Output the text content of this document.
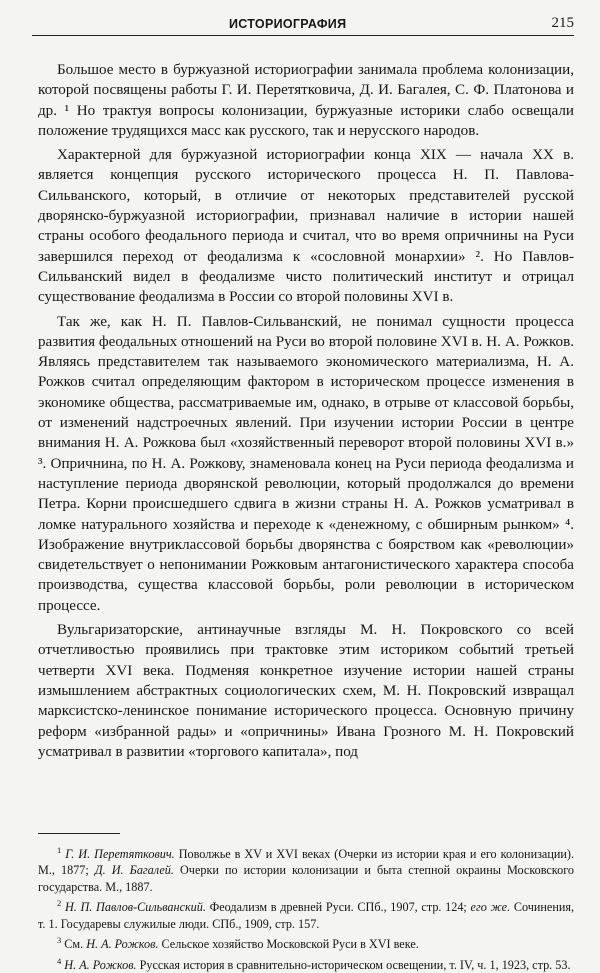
ИСТОРИОГРАФИЯ	215

Большое место в буржуазной историографии занимала проблема колонизации, которой посвящены работы Г. И. Перетятковича, Д. И. Багалея, С. Ф. Платонова и др. ¹ Но трактуя вопросы колонизации, буржуазные историки слабо освещали положение трудящихся масс как русского, так и нерусского народов.

Характерной для буржуазной историографии конца XIX — начала XX в. является концепция русского исторического процесса Н. П. Павлова-Сильванского, который, в отличие от некоторых представителей русской дворянско-буржуазной историографии, признавал наличие в истории нашей страны особого феодального периода и считал, что во время опричнины на Руси завершился переход от феодализма к «сословной монархии» ². Но Павлов-Сильванский видел в феодализме чисто политический институт и отрицал существование феодализма в России со второй половины XVI в.

Так же, как Н. П. Павлов-Сильванский, не понимал сущности процесса развития феодальных отношений на Руси во второй половине XVI в. Н. А. Рожков. Являясь представителем так называемого экономического материализма, Н. А. Рожков считал определяющим фактором в историческом процессе изменения в экономике общества, рассматриваемые им, однако, в отрыве от классовой борьбы, от изменений надстроечных явлений. При изучении истории России в центре внимания Н. А. Рожкова был «хозяйственный переворот второй половины XVI в.» ³. Опричнина, по Н. А. Рожкову, знаменовала конец на Руси периода феодализма и наступление периода дворянской революции, который продолжался до времени Петра. Корни происшедшего сдвига в жизни страны Н. А. Рожков усматривал в ломке натурального хозяйства и переходе к «денежному, с обширным рынком» ⁴. Изображение внутриклассовой борьбы дворянства с боярством как «революции» свидетельствует о непонимании Рожковым антагонистического характера способа производства, существа классовой борьбы, роли революции в историческом процессе.

Вульгаризаторские, антинаучные взгляды М. Н. Покровского со всей отчетливостью проявились при трактовке этим историком событий третьей четверти XVI века. Подменяя конкретное изучение истории нашей страны измышлением абстрактных социологических схем, М. Н. Покровский извращал марксистско-ленинское понимание исторического процесса. Основную причину реформ «избранной рады» и «опричнины» Ивана Грозного М. Н. Покровский усматривал в развитии «торгового капитала», под

$^1$ Г. И. Перетяткович. Поволжье в XV и XVI веках (Очерки из истории края и его колонизации). М., 1877; Д. И. Багалей. Очерки по истории колонизации и быта степной окраины Московского государства. М., 1887.

$^2$ Н. П. Павлов-Сильванский. Феодализм в древней Руси. СПб., 1907, стр. 124; его же. Сочинения, т. 1. Государевы служилые люди. СПб., 1909, стр. 157.

$^3$ См. Н. А. Рожков. Сельское хозяйство Московской Руси в XVI веке.

$^4$ Н. А. Рожков. Русская история в сравнительно-историческом освещении, т. IV, ч. 1, 1923, стр. 53.
